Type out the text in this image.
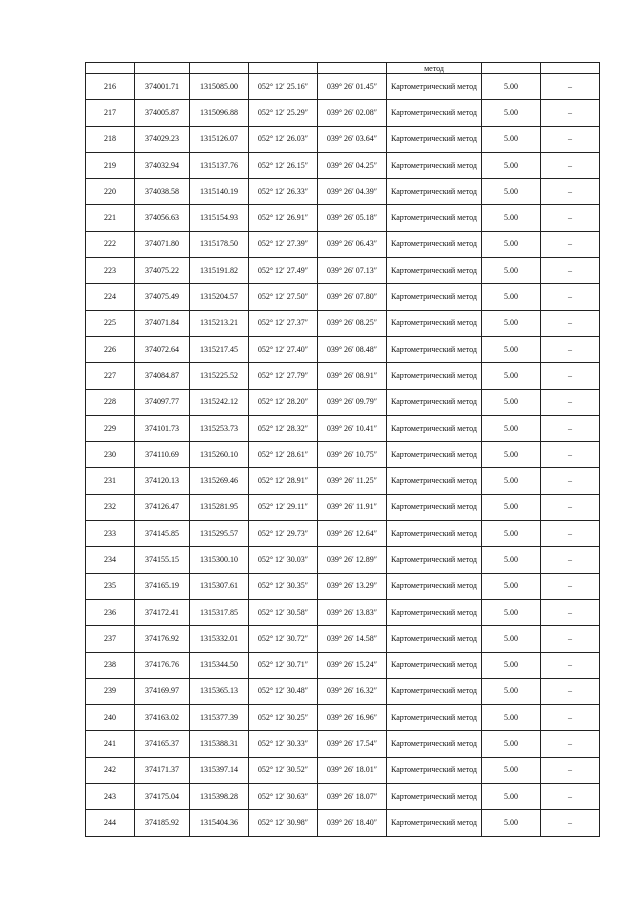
					метод		
216	374001.71	1315085.00	052° 12′ 25.16″	039° 26′ 01.45″	Картометрический метод	5.00	–
217	374005.87	1315096.88	052° 12′ 25.29″	039° 26′ 02.08″	Картометрический метод	5.00	–
218	374029.23	1315126.07	052° 12′ 26.03″	039° 26′ 03.64″	Картометрический метод	5.00	–
219	374032.94	1315137.76	052° 12′ 26.15″	039° 26′ 04.25″	Картометрический метод	5.00	–
220	374038.58	1315140.19	052° 12′ 26.33″	039° 26′ 04.39″	Картометрический метод	5.00	–
221	374056.63	1315154.93	052° 12′ 26.91″	039° 26′ 05.18″	Картометрический метод	5.00	–
222	374071.80	1315178.50	052° 12′ 27.39″	039° 26′ 06.43″	Картометрический метод	5.00	–
223	374075.22	1315191.82	052° 12′ 27.49″	039° 26′ 07.13″	Картометрический метод	5.00	–
224	374075.49	1315204.57	052° 12′ 27.50″	039° 26′ 07.80″	Картометрический метод	5.00	–
225	374071.84	1315213.21	052° 12′ 27.37″	039° 26′ 08.25″	Картометрический метод	5.00	–
226	374072.64	1315217.45	052° 12′ 27.40″	039° 26′ 08.48″	Картометрический метод	5.00	–
227	374084.87	1315225.52	052° 12′ 27.79″	039° 26′ 08.91″	Картометрический метод	5.00	–
228	374097.77	1315242.12	052° 12′ 28.20″	039° 26′ 09.79″	Картометрический метод	5.00	–
229	374101.73	1315253.73	052° 12′ 28.32″	039° 26′ 10.41″	Картометрический метод	5.00	–
230	374110.69	1315260.10	052° 12′ 28.61″	039° 26′ 10.75″	Картометрический метод	5.00	–
231	374120.13	1315269.46	052° 12′ 28.91″	039° 26′ 11.25″	Картометрический метод	5.00	–
232	374126.47	1315281.95	052° 12′ 29.11″	039° 26′ 11.91″	Картометрический метод	5.00	–
233	374145.85	1315295.57	052° 12′ 29.73″	039° 26′ 12.64″	Картометрический метод	5.00	–
234	374155.15	1315300.10	052° 12′ 30.03″	039° 26′ 12.89″	Картометрический метод	5.00	–
235	374165.19	1315307.61	052° 12′ 30.35″	039° 26′ 13.29″	Картометрический метод	5.00	–
236	374172.41	1315317.85	052° 12′ 30.58″	039° 26′ 13.83″	Картометрический метод	5.00	–
237	374176.92	1315332.01	052° 12′ 30.72″	039° 26′ 14.58″	Картометрический метод	5.00	–
238	374176.76	1315344.50	052° 12′ 30.71″	039° 26′ 15.24″	Картометрический метод	5.00	–
239	374169.97	1315365.13	052° 12′ 30.48″	039° 26′ 16.32″	Картометрический метод	5.00	–
240	374163.02	1315377.39	052° 12′ 30.25″	039° 26′ 16.96″	Картометрический метод	5.00	–
241	374165.37	1315388.31	052° 12′ 30.33″	039° 26′ 17.54″	Картометрический метод	5.00	–
242	374171.37	1315397.14	052° 12′ 30.52″	039° 26′ 18.01″	Картометрический метод	5.00	–
243	374175.04	1315398.28	052° 12′ 30.63″	039° 26′ 18.07″	Картометрический метод	5.00	–
244	374185.92	1315404.36	052° 12′ 30.98″	039° 26′ 18.40″	Картометрический метод	5.00	–
